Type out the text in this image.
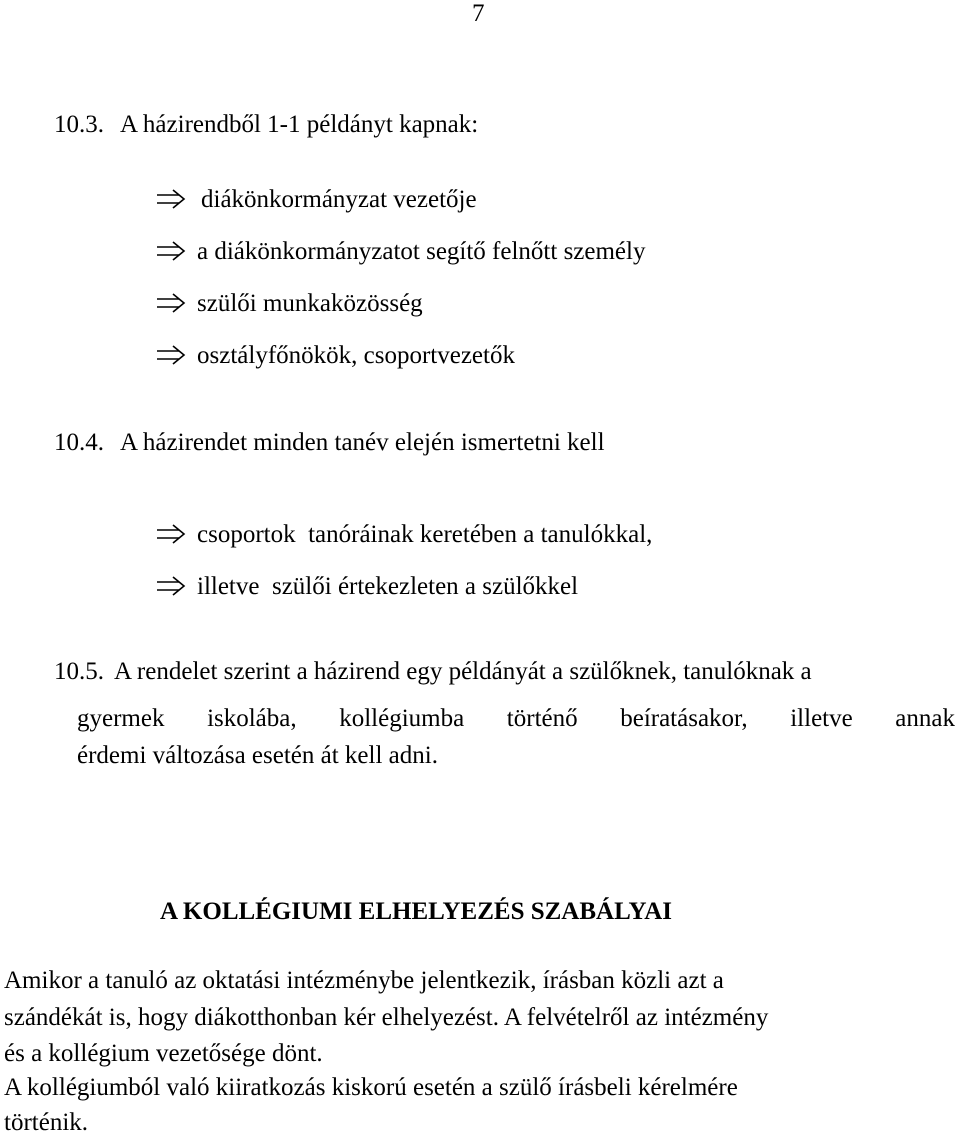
7
10.3. A házirendből 1-1 példányt kapnak:
diákönkormányzat vezetője
a diákönkormányzatot segítő felnőtt személy
szülői munkaközösség
osztályfőnökök, csoportvezetők
10.4. A házirendet minden tanév elején ismertetni kell
csoportok  tanóráinak keretében a tanulókkal,
illetve  szülői értekezleten a szülőkkel
10.5. A rendelet szerint a házirend egy példányát a szülőknek, tanulóknak a
gyermek iskolába, kollégiumba történő beíratásakor, illetve annak
érdemi változása esetén át kell adni.
A KOLLÉGIUMI ELHELYEZÉS SZABÁLYAI
Amikor a tanuló az oktatási intézménybe jelentkezik, írásban közli azt a
szándékát is, hogy diákotthonban kér elhelyezést. A felvételről az intézmény
és a kollégium vezetősége dönt.
A kollégiumból való kiiratkozás kiskorú esetén a szülő írásbeli kérelmére
történik.
